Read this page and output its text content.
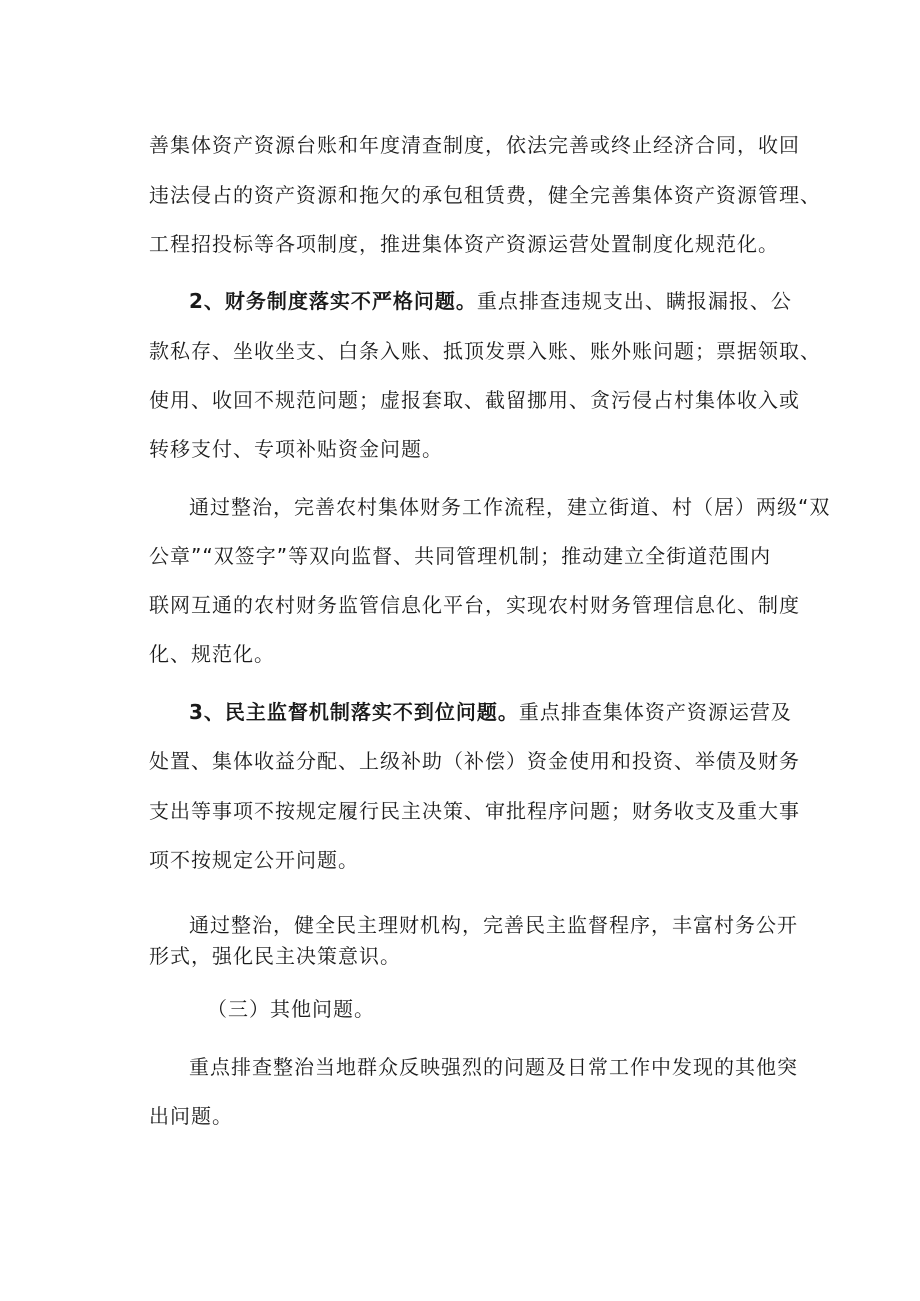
善集体资产资源台账和年度清查制度，依法完善或终止经济合同，收回
违法侵占的资产资源和拖欠的承包租赁费，健全完善集体资产资源管理、
工程招投标等各项制度，推进集体资产资源运营处置制度化规范化。
2、财务制度落实不严格问题。重点排查违规支出、瞒报漏报、公
款私存、坐收坐支、白条入账、抵顶发票入账、账外账问题；票据领取、
使用、收回不规范问题；虚报套取、截留挪用、贪污侵占村集体收入或
转移支付、专项补贴资金问题。
通过整治，完善农村集体财务工作流程，建立街道、村（居）两级“双
公章”“双签字”等双向监督、共同管理机制；推动建立全街道范围内
联网互通的农村财务监管信息化平台，实现农村财务管理信息化、制度
化、规范化。
3、民主监督机制落实不到位问题。重点排查集体资产资源运营及
处置、集体收益分配、上级补助（补偿）资金使用和投资、举债及财务
支出等事项不按规定履行民主决策、审批程序问题；财务收支及重大事
项不按规定公开问题。
通过整治，健全民主理财机构，完善民主监督程序，丰富村务公开
形式，强化民主决策意识。
（三）其他问题。
重点排查整治当地群众反映强烈的问题及日常工作中发现的其他突
出问题。
